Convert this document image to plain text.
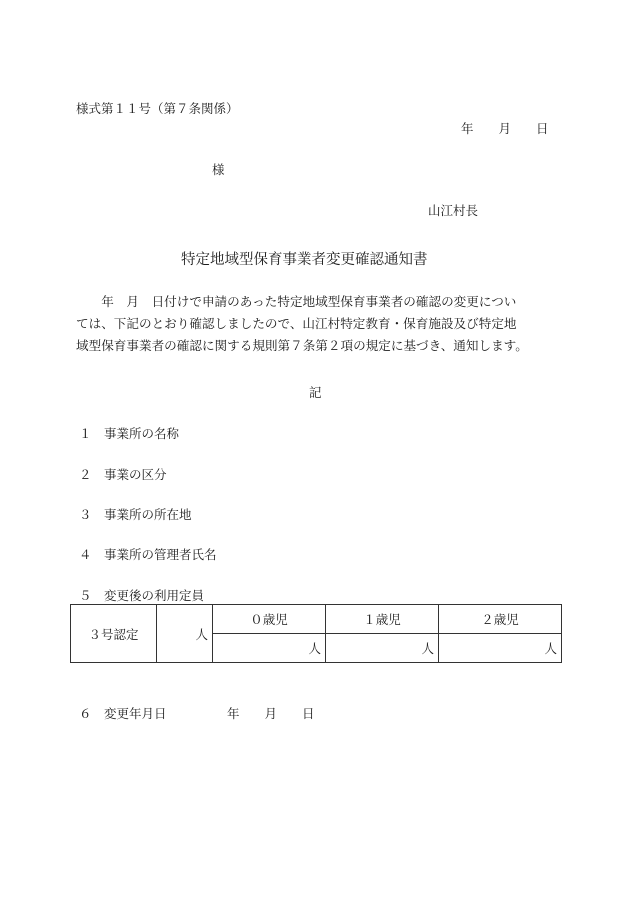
様式第１１号（第７条関係）
年　　月　　日
様
山江村長
特定地域型保育事業者変更確認通知書
　　年　月　日付けで申請のあった特定地域型保育事業者の確認の変更につい
ては、下記のとおり確認しましたので、山江村特定教育・保育施設及び特定地
域型保育事業者の確認に関する規則第７条第２項の規定に基づき、通知します。
記
１ 事業所の名称
２ 事業の区分
３ 事業所の所在地
４ 事業所の管理者氏名
５ 変更後の利用定員
３号認定	人	０歳児	１歳児	２歳児
		人	人	人
６ 変更年月日	年　　月　　日
